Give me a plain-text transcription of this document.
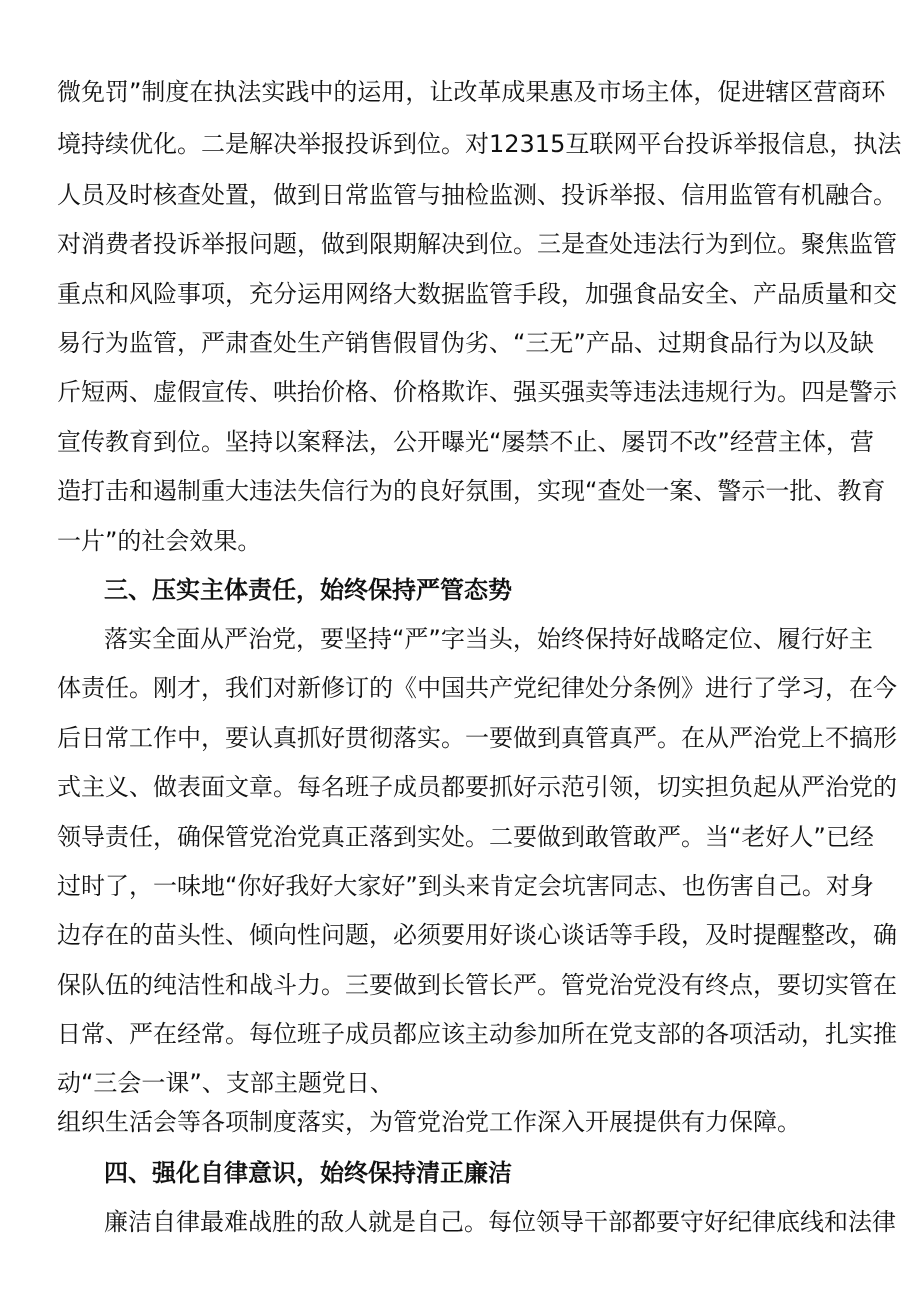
微免罚”制度在执法实践中的运用，让改革成果惠及市场主体，促进辖区营商环
境持续优化。二是解决举报投诉到位。对12315互联网平台投诉举报信息，执法
人员及时核查处置，做到日常监管与抽检监测、投诉举报、信用监管有机融合。
对消费者投诉举报问题，做到限期解决到位。三是查处违法行为到位。聚焦监管
重点和风险事项，充分运用网络大数据监管手段，加强食品安全、产品质量和交
易行为监管，严肃查处生产销售假冒伪劣、“三无”产品、过期食品行为以及缺
斤短两、虚假宣传、哄抬价格、价格欺诈、强买强卖等违法违规行为。四是警示
宣传教育到位。坚持以案释法，公开曝光“屡禁不止、屡罚不改”经营主体，营
造打击和遏制重大违法失信行为的良好氛围，实现“查处一案、警示一批、教育
一片”的社会效果。
三、压实主体责任，始终保持严管态势
落实全面从严治党，要坚持“严”字当头，始终保持好战略定位、履行好主
体责任。刚才，我们对新修订的《中国共产党纪律处分条例》进行了学习，在今
后日常工作中，要认真抓好贯彻落实。一要做到真管真严。在从严治党上不搞形
式主义、做表面文章。每名班子成员都要抓好示范引领，切实担负起从严治党的
领导责任，确保管党治党真正落到实处。二要做到敢管敢严。当“老好人”已经
过时了，一味地“你好我好大家好”到头来肯定会坑害同志、也伤害自己。对身
边存在的苗头性、倾向性问题，必须要用好谈心谈话等手段，及时提醒整改，确
保队伍的纯洁性和战斗力。三要做到长管长严。管党治党没有终点，要切实管在
日常、严在经常。每位班子成员都应该主动参加所在党支部的各项活动，扎实推
动“三会一课”、支部主题党日、
组织生活会等各项制度落实，为管党治党工作深入开展提供有力保障。
四、强化自律意识，始终保持清正廉洁
廉洁自律最难战胜的敌人就是自己。每位领导干部都要守好纪律底线和法律
